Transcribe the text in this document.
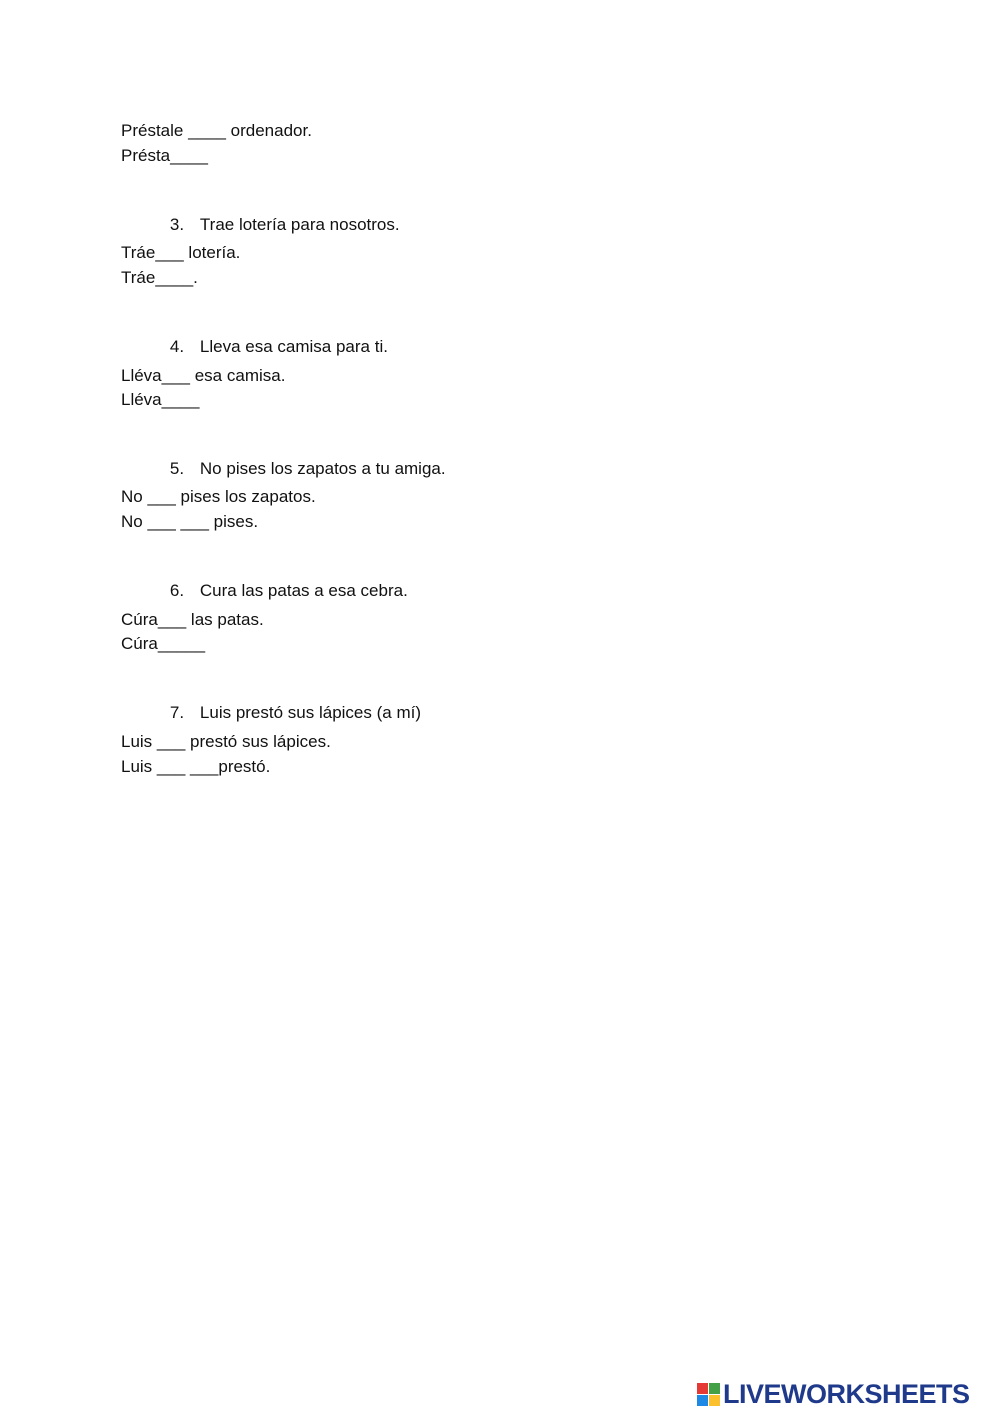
Préstale ____ ordenador.
Présta____

3. Trae lotería para nosotros.

Tráe___ lotería.
Tráe____.

4. Lleva esa camisa para ti.

Lléva___ esa camisa.
Lléva____

5. No pises los zapatos a tu amiga.

No ___ pises los zapatos.
No ___ ___ pises.

6. Cura las patas a esa cebra.

Cúra___ las patas.
Cúra_____

7. Luis prestó sus lápices (a mí)

Luis ___ prestó sus lápices.
Luis ___ ___prestó.
LIVEWORKSHEETS
